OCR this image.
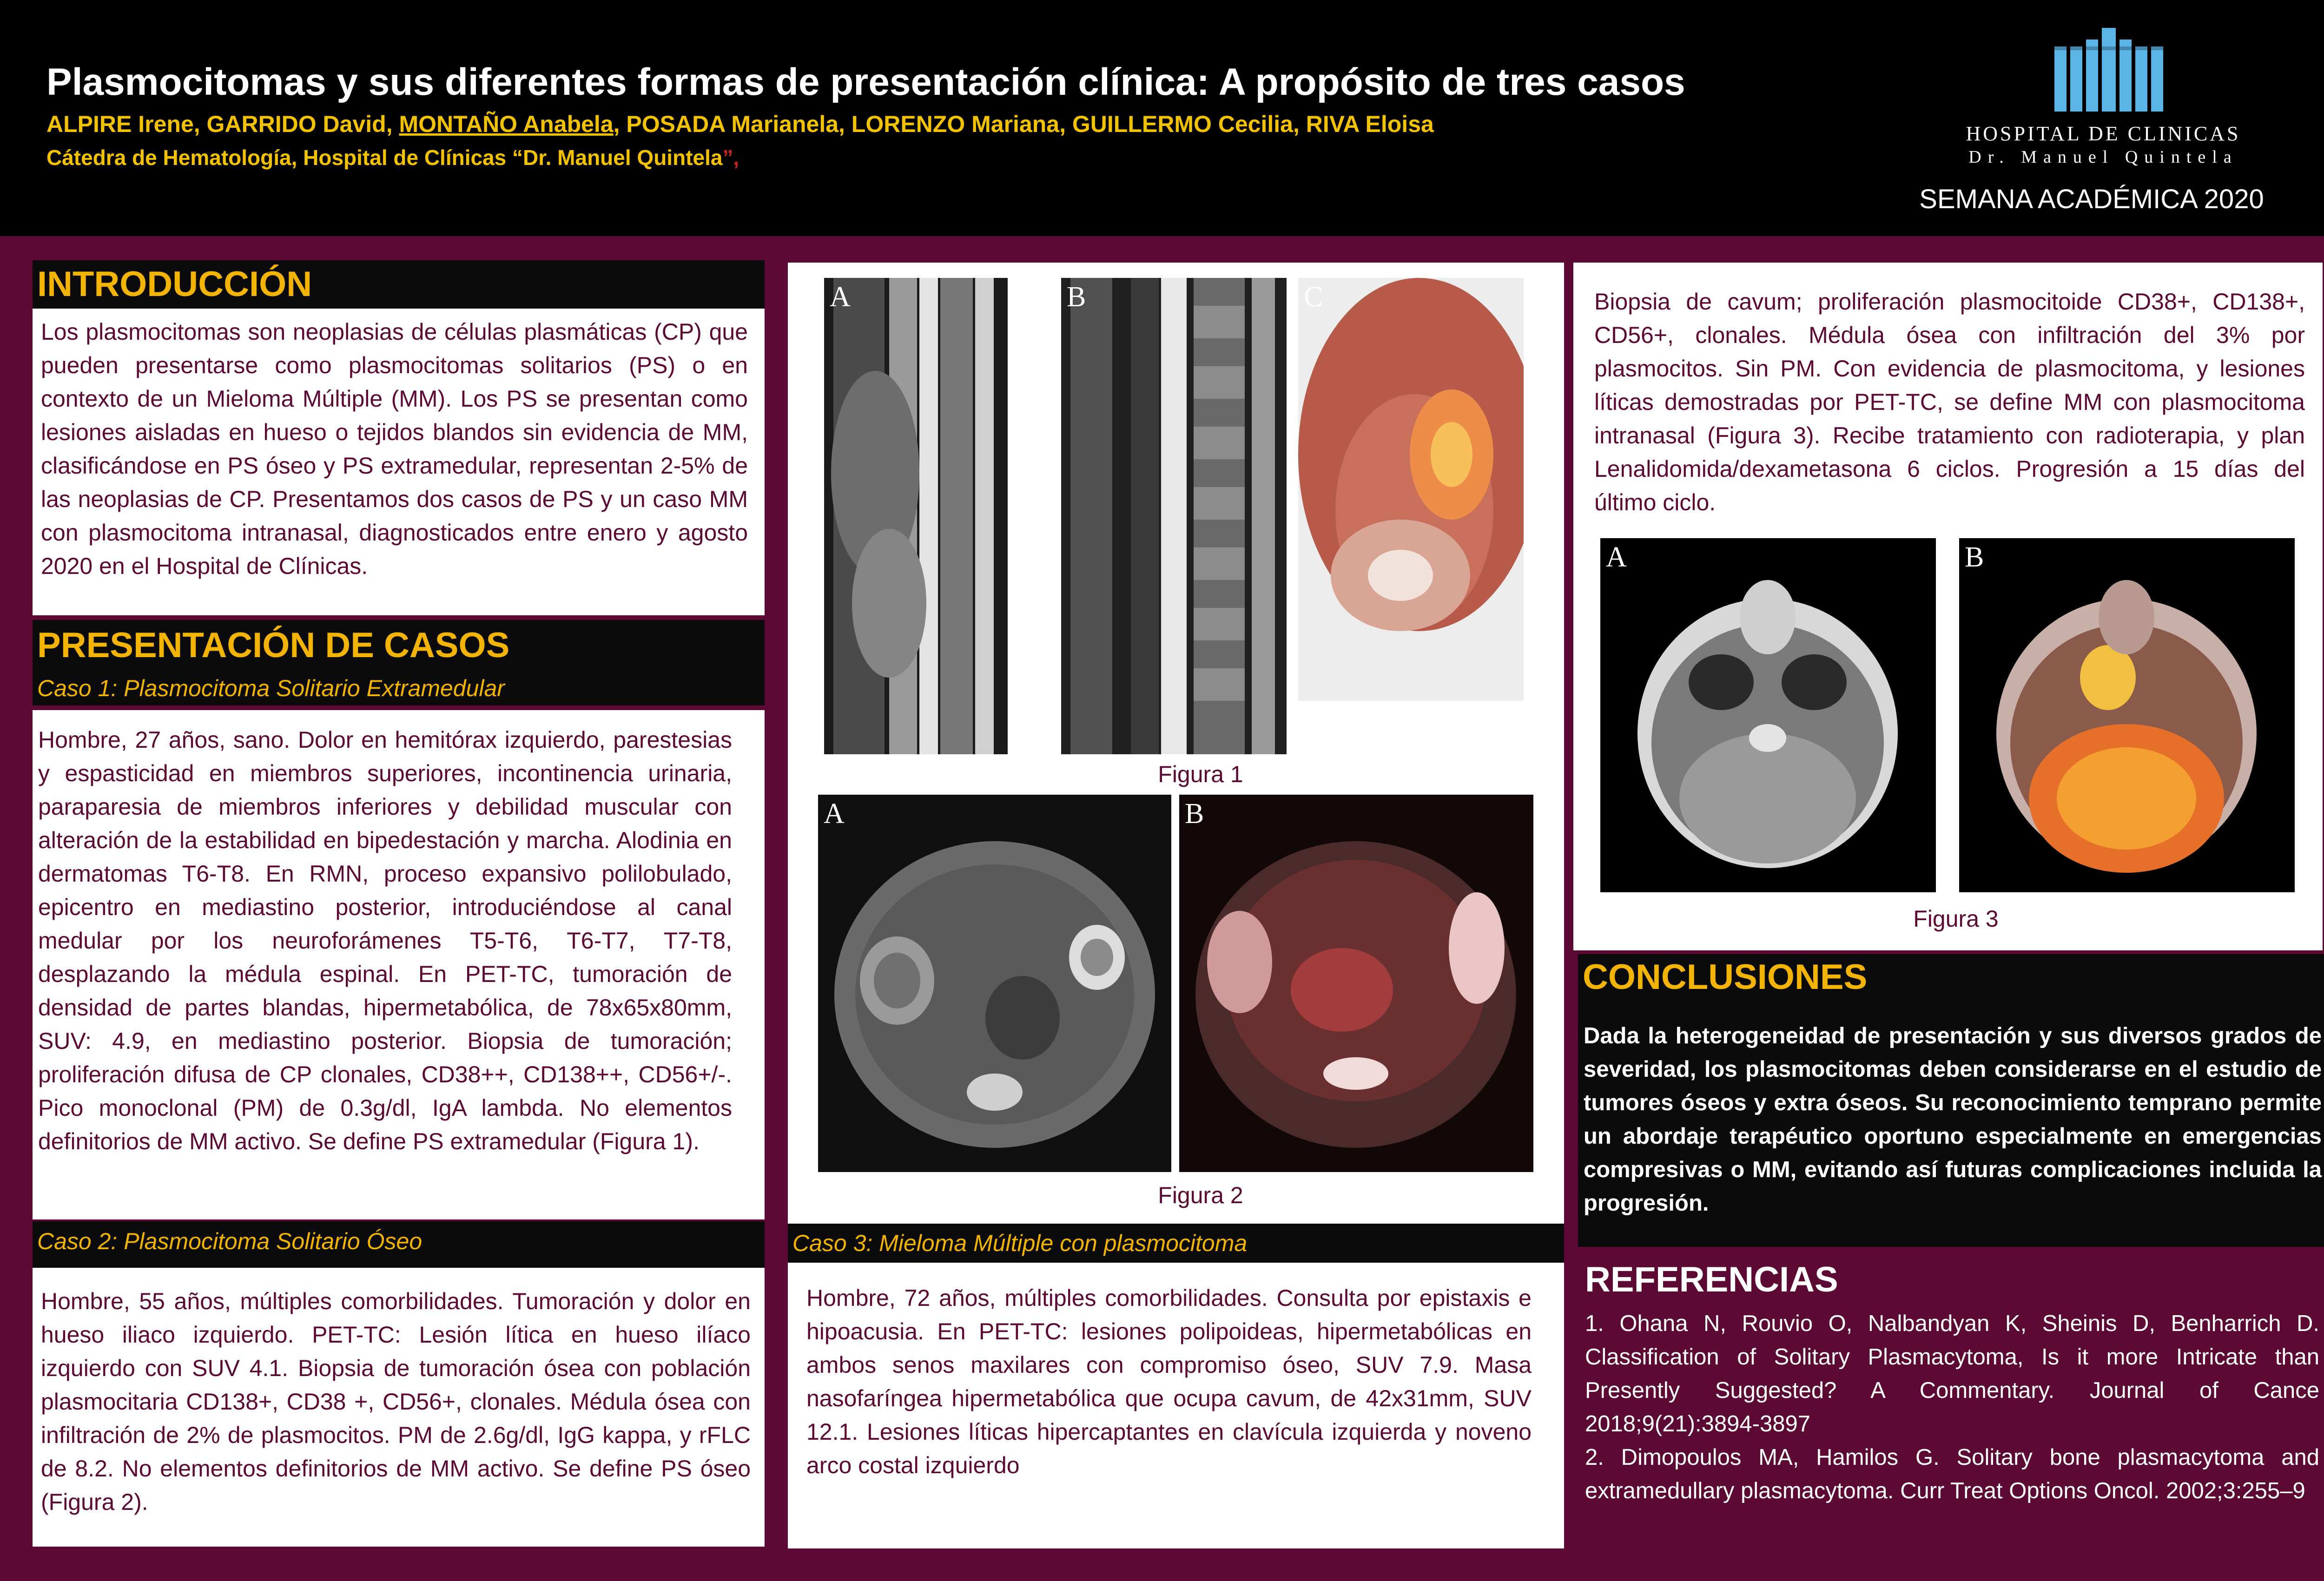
Plasmocitomas y sus diferentes formas de presentación clínica: A propósito de tres casos
ALPIRE Irene, GARRIDO David, MONTAÑO Anabela, POSADA Marianela, LORENZO Mariana, GUILLERMO Cecilia, RIVA Eloisa
Cátedra de Hematología, Hospital de Clínicas “Dr. Manuel Quintela”,
HOSPITAL DE CLINICAS
Dr. Manuel Quintela
SEMANA ACADÉMICA 2020
INTRODUCCIÓN
Los plasmocitomas son neoplasias de células plasmáticas (CP) que pueden presentarse como plasmocitomas solitarios (PS) o en contexto de un Mieloma Múltiple (MM). Los PS se presentan como lesiones aisladas en hueso o tejidos blandos sin evidencia de MM, clasificándose en PS óseo y PS extramedular, representan 2-5% de las neoplasias de CP. Presentamos dos casos de PS y un caso MM con plasmocitoma intranasal, diagnosticados entre enero y agosto 2020 en el Hospital de Clínicas.
PRESENTACIÓN DE CASOS
Caso 1: Plasmocitoma Solitario Extramedular
Hombre, 27 años, sano. Dolor en hemitórax izquierdo, parestesias y espasticidad en miembros superiores, incontinencia urinaria, paraparesia de miembros inferiores y debilidad muscular con alteración de la estabilidad en bipedestación y marcha. Alodinia en dermatomas T6-T8. En RMN, proceso expansivo polilobulado, epicentro en mediastino posterior, introduciéndose al canal medular por los neuroforámenes T5-T6, T6-T7, T7-T8, desplazando la médula espinal. En PET-TC, tumoración de densidad de partes blandas, hipermetabólica, de 78x65x80mm, SUV: 4.9, en mediastino posterior. Biopsia de tumoración; proliferación difusa de CP clonales, CD38++, CD138++, CD56+/-. Pico monoclonal (PM) de 0.3g/dl, IgA lambda. No elementos definitorios de MM activo. Se define PS extramedular (Figura 1).
Caso 2: Plasmocitoma Solitario Óseo
Hombre, 55 años, múltiples comorbilidades. Tumoración y dolor en hueso iliaco izquierdo. PET-TC: Lesión lítica en hueso ilíaco izquierdo con SUV 4.1. Biopsia de tumoración ósea con población plasmocitaria CD138+, CD38 +, CD56+, clonales. Médula ósea con infiltración de 2% de plasmocitos. PM de 2.6g/dl, IgG kappa, y rFLC de 8.2. No elementos definitorios de MM activo. Se define PS óseo (Figura 2).
A	B	C
Figura 1
A	B
Figura 2
Caso 3: Mieloma Múltiple con plasmocitoma
Hombre, 72 años, múltiples comorbilidades. Consulta por epistaxis e hipoacusia. En PET-TC: lesiones polipoideas, hipermetabólicas en ambos senos maxilares con compromiso óseo, SUV 7.9. Masa nasofaríngea hipermetabólica que ocupa cavum, de 42x31mm, SUV 12.1. Lesiones líticas hipercaptantes en clavícula izquierda y noveno arco costal izquierdo
Biopsia de cavum; proliferación plasmocitoide CD38+, CD138+, CD56+, clonales. Médula ósea con infiltración del 3% por plasmocitos. Sin PM. Con evidencia de plasmocitoma, y lesiones líticas demostradas por PET-TC, se define MM con plasmocitoma intranasal (Figura 3). Recibe tratamiento con radioterapia, y plan Lenalidomida/dexametasona 6 ciclos. Progresión a 15 días del último ciclo.
A	B
Figura 3
CONCLUSIONES
Dada la heterogeneidad de presentación y sus diversos grados de severidad, los plasmocitomas deben considerarse en el estudio de tumores óseos y extra óseos. Su reconocimiento temprano permite un abordaje terapéutico oportuno especialmente en emergencias compresivas o MM, evitando así futuras complicaciones incluida la progresión.
REFERENCIAS
1. Ohana N, Rouvio O, Nalbandyan K, Sheinis D, Benharrich D. Classification of Solitary Plasmacytoma, Is it more Intricate than Presently Suggested? A Commentary. Journal of Cance 2018;9(21):3894-3897
2. Dimopoulos MA, Hamilos G. Solitary bone plasmacytoma and extramedullary plasmacytoma. Curr Treat Options Oncol. 2002;3:255–9
